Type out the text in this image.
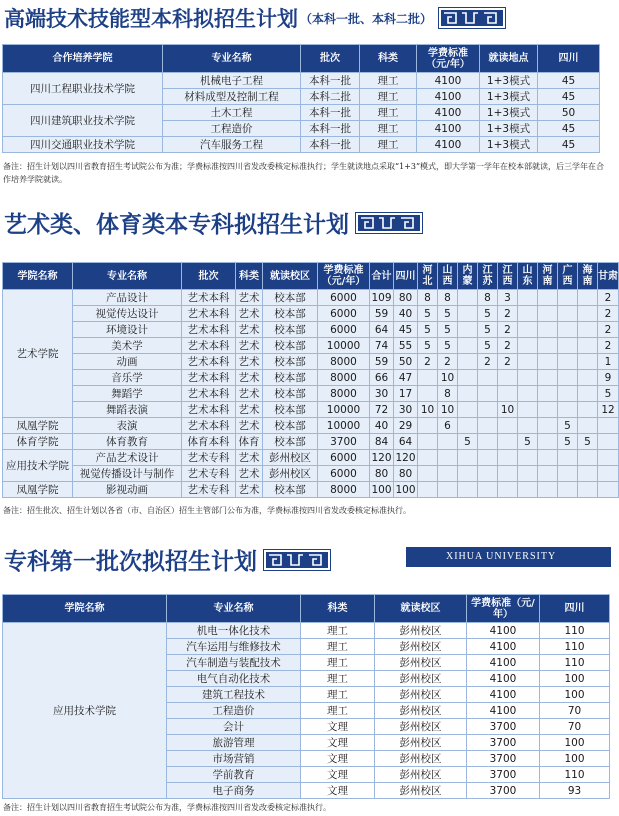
高端技术技能型本科拟招生计划 （本科一批、本科二批）
合作培养学院	专业名称	批次	科类	学费标准（元/年）	就读地点	四川
四川工程职业技术学院	机械电子工程	本科一批	理工	4100	1+3模式	45
	材料成型及控制工程	本科二批	理工	4100	1+3模式	45
四川建筑职业技术学院	土木工程	本科一批	理工	4100	1+3模式	50
	工程造价	本科一批	理工	4100	1+3模式	45
四川交通职业技术学院	汽车服务工程	本科一批	理工	4100	1+3模式	45
备注：招生计划以四川省教育招生考试院公布为准；学费标准按四川省发改委核定标准执行；学生就读地点采取“1+3”模式，即大学第一学年在校本部就读，后三学年在合作培养学院就读。
艺术类、体育类本专科拟招生计划
学院名称	专业名称	批次	科类	就读校区	学费标准（元/年）	合计	四川	河北	山西	内蒙	江苏	江西	山东	河南	广西	海南	甘肃
艺术学院	产品设计	艺术本科	艺术	校本部	6000	109	80	8	8		8	3					2
	视觉传达设计	艺术本科	艺术	校本部	6000	59	40	5	5		5	2					2
	环境设计	艺术本科	艺术	校本部	6000	64	45	5	5		5	2					2
	美术学	艺术本科	艺术	校本部	10000	74	55	5	5		5	2					2
	动画	艺术本科	艺术	校本部	8000	59	50	2	2		2	2					1
	音乐学	艺术本科	艺术	校本部	8000	66	47		10								9
	舞蹈学	艺术本科	艺术	校本部	8000	30	17		8								5
	舞蹈表演	艺术本科	艺术	校本部	10000	72	30	10	10			10					12
凤凰学院	表演	艺术本科	艺术	校本部	10000	40	29		6						5		
体育学院	体育教育	体育本科	体育	校本部	3700	84	64			5			5		5	5	
应用技术学院	产品艺术设计	艺术专科	艺术	彭州校区	6000	120	120										
	视觉传播设计与制作	艺术专科	艺术	彭州校区	6000	80	80										
凤凰学院	影视动画	艺术专科	艺术	校本部	8000	100	100										
备注：招生批次、招生计划以各省（市、自治区）招生主管部门公布为准，学费标准按四川省发改委核定标准执行。
专科第一批次拟招生计划	XIHUA UNIVERSITY
学院名称	专业名称	科类	就读校区	学费标准（元/年）	四川
应用技术学院	机电一体化技术	理工	彭州校区	4100	110
	汽车运用与维修技术	理工	彭州校区	4100	110
	汽车制造与装配技术	理工	彭州校区	4100	110
	电气自动化技术	理工	彭州校区	4100	100
	建筑工程技术	理工	彭州校区	4100	100
	工程造价	理工	彭州校区	4100	70
	会计	文理	彭州校区	3700	70
	旅游管理	文理	彭州校区	3700	100
	市场营销	文理	彭州校区	3700	100
	学前教育	文理	彭州校区	3700	110
	电子商务	文理	彭州校区	3700	93
备注：招生计划以四川省教育招生考试院公布为准，学费标准按四川省发改委核定标准执行。
